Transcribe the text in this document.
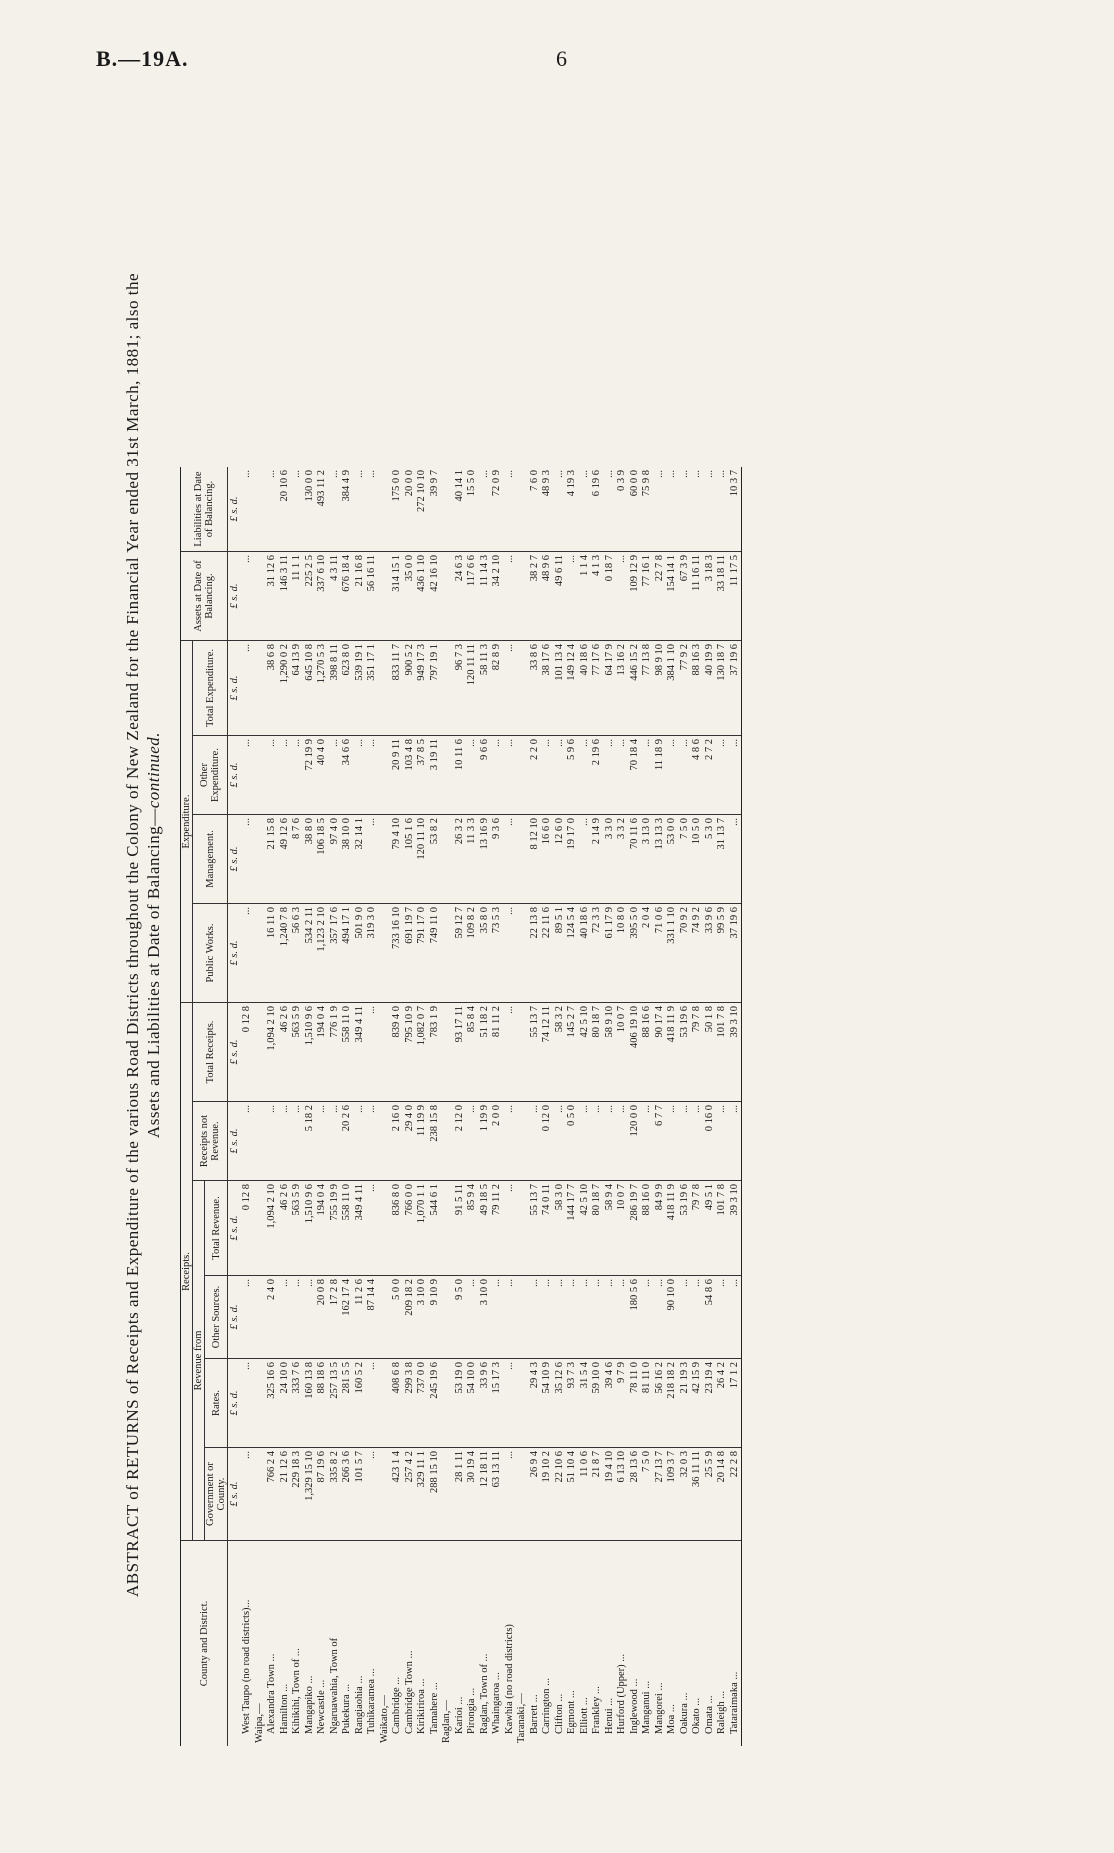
B.—19A.	6
ABSTRACT of RETURNS of Receipts and Expenditure of the various Road Districts throughout the Colony of New Zealand for the Financial Year ended 31st March, 1881; also the Assets and Liabilities at Date of Balancing—continued.
County and District.	Receipts.						Expenditure.				Assets at Date of Balancing.	Liabilities at Date of Balancing.
	Revenue from				Receipts not Revenue.	Total Receipts.	Public Works.	Management.	Other Expenditure.	Total Expenditure.		
	Government or County.	Rates.	Other Sources.	Total Revenue.								
	£ s. d.	£ s. d.	£ s. d.	£ s. d.	£ s. d.	£ s. d.	£ s. d.	£ s. d.	£ s. d.	£ s. d.	£ s. d.	£ s. d.
West Taupo (no road districts)...	...	...	...	0 12 8	...	0 12 8	...	...	...	...	...	...
Waipa,—												
Alexandra Town ...	766 2 4	325 16 6	2 4 0	1,094 2 10	...	1,094 2 10	16 11 0	21 15 8	...	38 6 8	31 12 6	...
Hamilton ...	21 12 6	24 10 0	...	46 2 6	...	46 2 6	1,240 7 8	49 12 6	...	1,290 0 2	146 3 11	20 10 6
Kihikihi, Town of ...	229 18 3	333 7 6	...	563 5 9	...	563 5 9	56 6 3	8 7 6	...	64 13 9	11 1 1	...
Mangapiko ...	1,329 15 10	160 13 8	...	1,510 9 6	5 18 2	1,510 9 6	534 2 11	38 8 0	72 19 9	645 10 8	225 2 5	130 0 0
Newcastle ...	87 19 6	88 18 6	20 0 8	194 0 4	...	194 0 4	1,123 2 10	106 18 5	40 4 0	1,270 5 3	337 6 10	493 11 2
Ngaruawahia, Town of	335 8 2	257 13 5	17 2 8	755 19 9	...	776 1 9	357 17 6	97 4 0	...	398 8 11	4 3 11	...
Pukekura ...	266 3 6	281 5 5	162 17 4	558 11 0	20 2 6	558 11 0	494 17 1	38 10 0	34 6 6	623 8 0	676 18 4	384 4 9
Rangiaohia ...	101 5 7	160 5 2	11 2 6	349 4 11	...	349 4 11	501 9 0	32 14 1	...	539 19 1	21 16 8	...
Tuhikaramea ...	...	...	87 14 4	...	...	...	319 3 0	...	...	351 17 1	56 16 11	...
Waikato,—												
Cambridge ...	423 1 4	408 6 8	5 0 0	836 8 0	2 16 0	839 4 0	733 16 10	79 4 10	20 9 11	833 11 7	314 15 1	175 0 0
Cambridge Town ...	257 4 2	299 3 8	209 18 2	766 0 0	29 4 0	795 10 9	691 19 7	105 1 6	103 4 8	900 5 2	35 0 0	20 0 0
Kirikiriroa ...	329 11 1	737 0 0	3 10 0	1,070 1 1	11 19 9	1,082 0 7	791 17 0	120 11 10	37 8 5	949 17 3	436 1 10	272 10 10
Tamahere ...	288 15 10	245 19 6	9 10 9	544 6 1	238 15 8	783 1 9	749 11 0	53 8 2	3 19 11	797 19 1	42 16 10	39 9 7
Raglan,—												
Karioi ...	28 1 11	53 19 0	9 5 0	91 5 11	2 12 0	93 17 11	59 12 7	26 3 2	10 11 6	96 7 3	24 6 3	40 14 1
Pirongia ...	30 19 4	54 10 0	...	85 9 4	...	85 8 4	109 8 2	11 3 3	...	120 11 11	117 6 6	15 5 0
Raglan, Town of ...	12 18 11	33 9 6	3 10 0	49 18 5	1 19 9	51 18 2	35 8 0	13 16 9	9 6 6	58 11 3	11 14 3	...
Whaingaroa ...	63 13 11	15 17 3	...	79 11 2	2 0 0	81 11 2	73 5 3	9 3 6	...	82 8 9	34 2 10	72 0 9
Kawhia (no road districts)	...	...	...	...	...	...	...	...	...	...	...	...
Taranaki,—												
Barrett ...	26 9 4	29 4 3	...	55 13 7	...	55 13 7	22 13 8	8 12 10	2 2 0	33 8 6	38 2 7	7 6 0
Carrington ...	19 10 2	54 10 9	...	74 0 11	0 12 0	74 12 11	22 11 6	16 6 0	...	38 17 6	48 9 6	48 9 3
Clifton ...	22 10 6	35 12 6	...	58 3 0	...	58 3 2	89 5 1	12 6 0	...	101 13 4	49 6 11	...
Egmont ...	51 10 4	93 7 3	...	144 17 7	0 5 0	145 2 7	124 5 4	19 17 0	5 9 6	149 12 4	...	4 19 3
Elliott ...	11 0 6	31 5 4	...	42 5 10	...	42 5 10	40 18 6	...	...	40 18 6	1 1 4	...
Frankley ...	21 8 7	59 10 0	...	80 18 7	...	80 18 7	72 3 3	2 14 9	2 19 6	77 17 6	4 1 3	6 19 6
Henui ...	19 4 10	39 4 6	...	58 9 4	...	58 9 10	61 17 9	3 3 0	...	64 17 9	0 18 7	...
Hurford (Upper) ...	6 13 10	9 7 9	...	10 0 7	...	10 0 7	10 8 0	3 3 2	...	13 16 2	...	0 3 9
Inglewood ...	28 13 6	78 11 0	180 5 6	286 19 7	120 0 0	406 19 10	395 5 0	70 11 6	70 18 4	446 15 2	109 12 9	60 0 0
Manganui ...	7 5 0	81 11 0	...	88 16 0	...	88 16 6	2 0 4	3 13 0	...	77 13 8	77 16 1	75 9 8
Mangorei ...	27 13 7	56 16 2	...	84 9 9	6 7 7	90 17 4	71 0 6	13 13 3	11 18 9	98 9 10	22 7 8	...
Moa ...	109 3 7	218 18 2	90 10 0	418 11 9	...	418 11 9	331 1 10	53 0 0	...	384 1 10	154 14 1	...
Oakura ...	32 0 3	21 19 3	...	53 19 6	...	53 19 6	70 9 2	7 5 0	...	77 9 2	67 3 9	...
Okato ...	36 11 11	42 15 9	...	79 7 8	...	79 7 8	74 9 2	10 5 0	4 8 6	88 16 3	11 16 11	...
Omata ...	25 5 9	23 19 4	54 8 6	49 5 1	0 16 0	50 1 8	33 9 6	5 3 0	2 7 2	40 19 9	3 18 3	...
Raleigh ...	20 14 8	26 4 2	...	101 7 8	...	101 7 8	99 5 9	31 13 7	...	130 18 7	33 18 11	...
Tataraimaka ...	22 2 8	17 1 2	...	39 3 10	...	39 3 10	37 19 6	...	...	37 19 6	11 17 5	10 3 7
